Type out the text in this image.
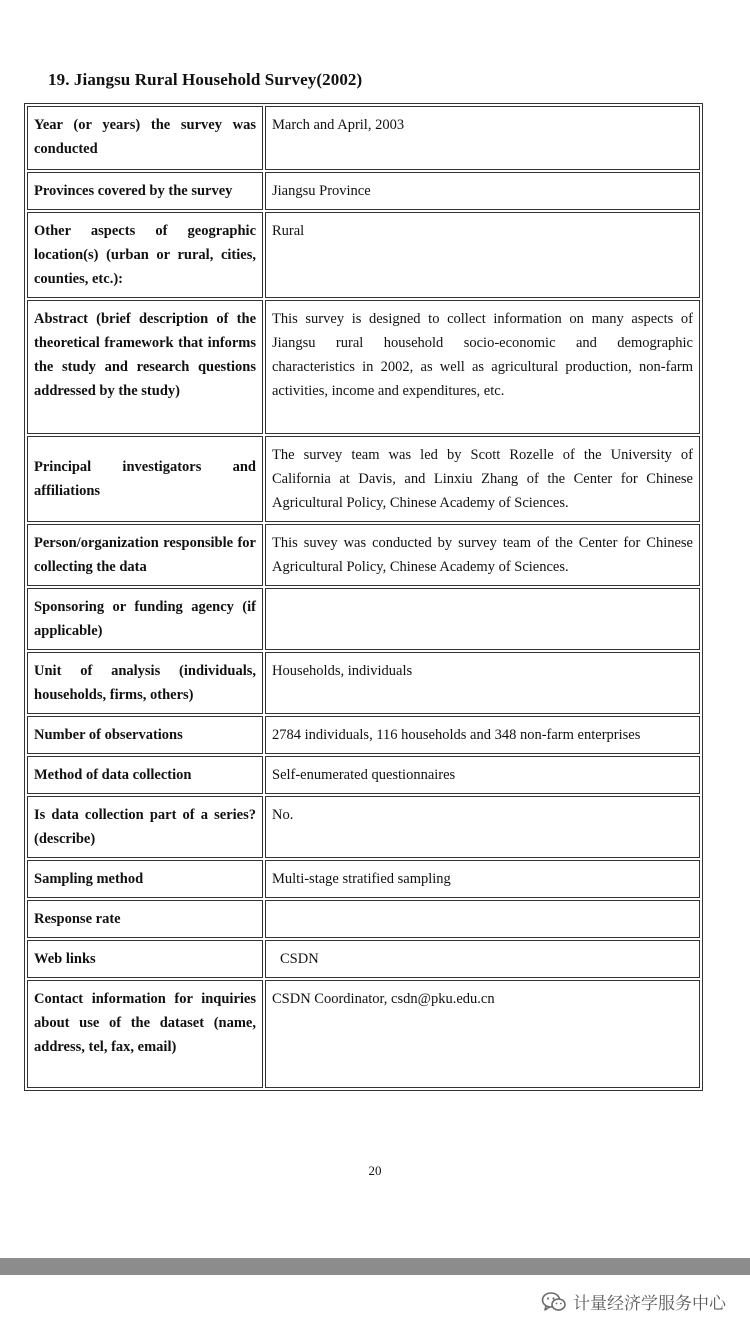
19. Jiangsu Rural Household Survey(2002)
Year (or years) the survey was conducted	March and April, 2003
Provinces covered by the survey	Jiangsu Province
Other aspects of geographic location(s) (urban or rural, cities, counties, etc.):	Rural
Abstract (brief description of the theoretical framework that informs the study and research questions addressed by the study)	This survey is designed to collect information on many aspects of Jiangsu rural household socio-economic and demographic characteristics in 2002, as well as agricultural production, non-farm activities, income and expenditures, etc.
Principal investigators and affiliations	The survey team was led by Scott Rozelle of the University of California at Davis, and Linxiu Zhang of the Center for Chinese Agricultural Policy, Chinese Academy of Sciences.
Person/organization responsible for collecting the data	This suvey was conducted by survey team of the Center for Chinese Agricultural Policy, Chinese Academy of Sciences.
Sponsoring or funding agency (if applicable)	
Unit of analysis (individuals, households, firms, others)	Households, individuals
Number of observations	2784 individuals, 116 households and 348 non-farm enterprises
Method of data collection	Self-enumerated questionnaires
Is data collection part of a series? (describe)	No.
Sampling method	Multi-stage stratified sampling
Response rate	
Web links	CSDN
Contact information for inquiries about use of the dataset (name, address, tel, fax, email)	CSDN Coordinator, csdn@pku.edu.cn
20
计量经济学服务中心
